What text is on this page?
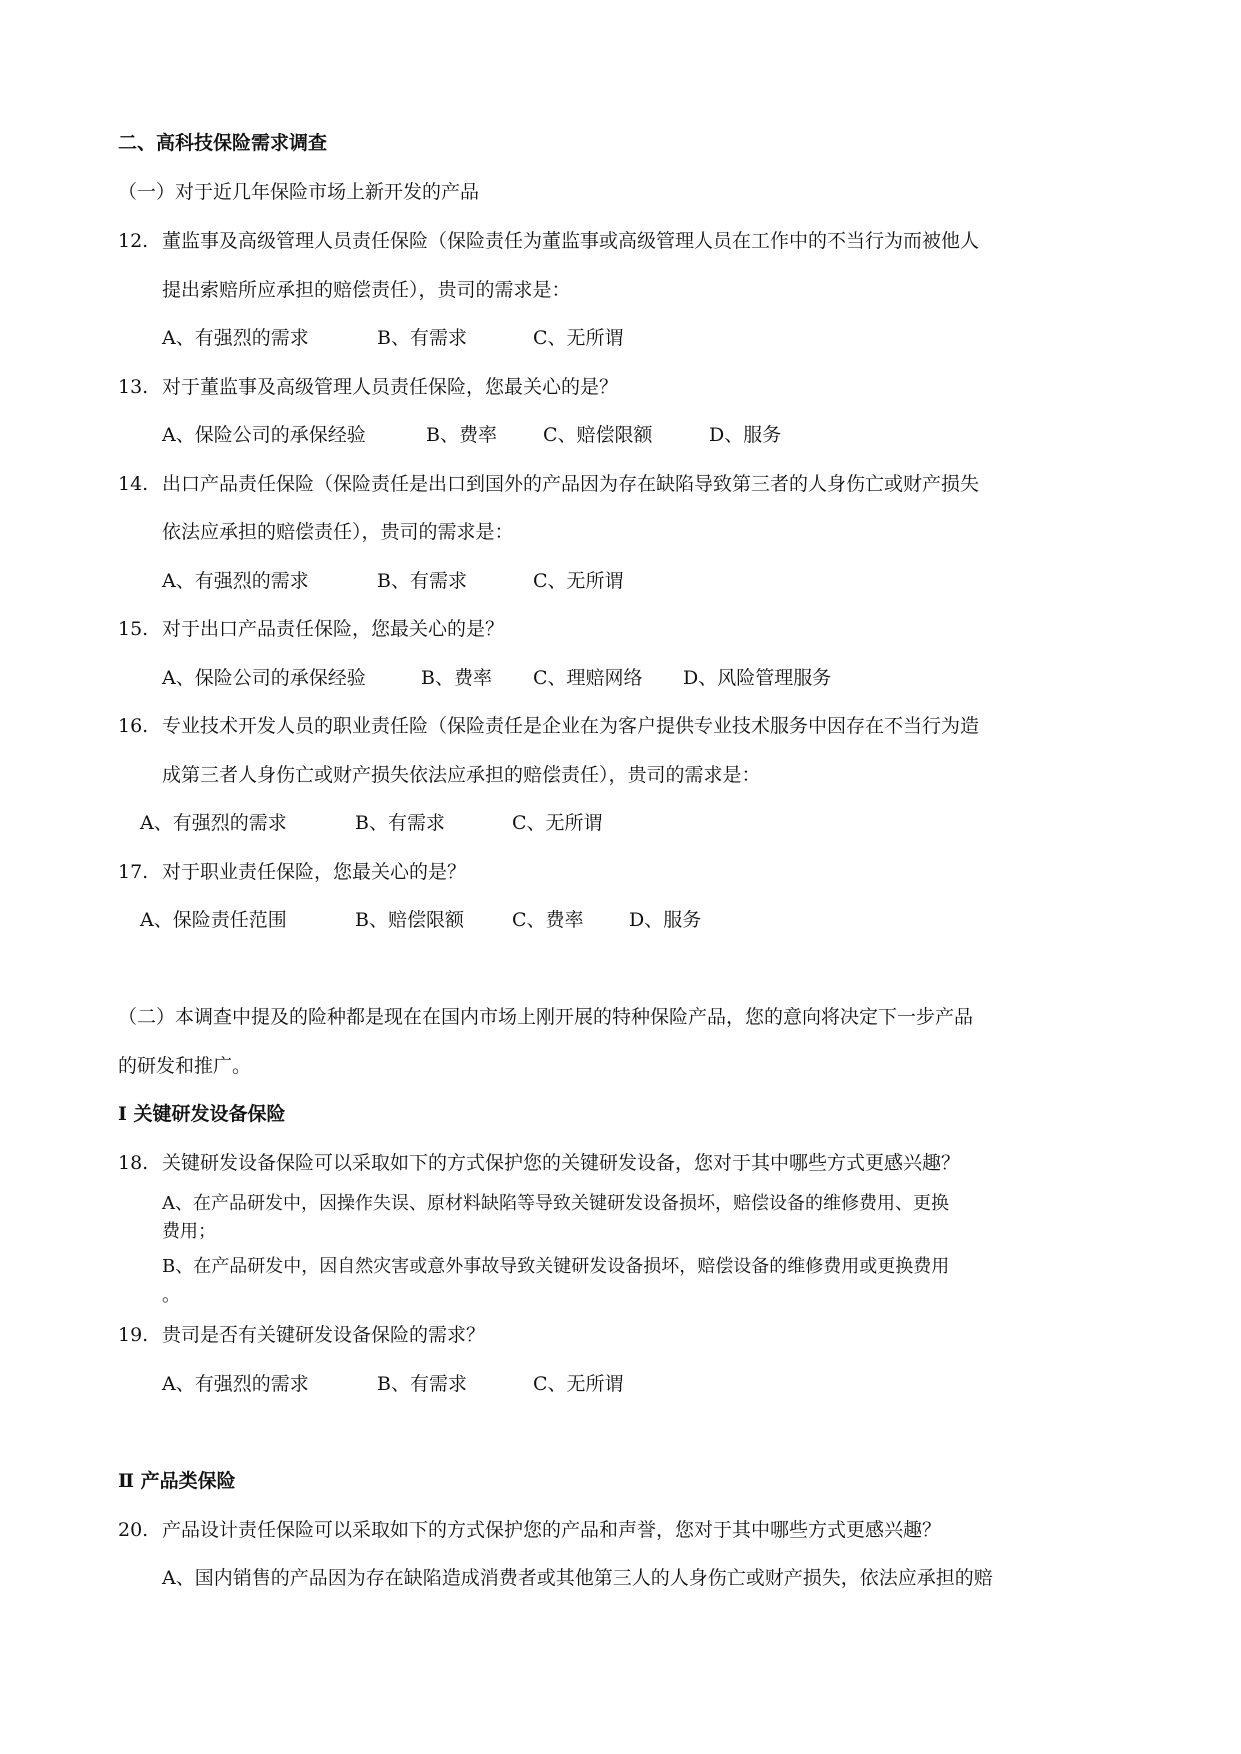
二、高科技保险需求调查
（一）对于近几年保险市场上新开发的产品
12. 董监事及高级管理人员责任保险（保险责任为董监事或高级管理人员在工作中的不当行为而被他人
提出索赔所应承担的赔偿责任），贵司的需求是：
A、有强烈的需求	B、有需求	C、无所谓
13. 对于董监事及高级管理人员责任保险，您最关心的是？
A、保险公司的承保经验	B、费率 C、赔偿限额	D、服务
14. 出口产品责任保险（保险责任是出口到国外的产品因为存在缺陷导致第三者的人身伤亡或财产损失
依法应承担的赔偿责任），贵司的需求是：
A、有强烈的需求	B、有需求	C、无所谓
15. 对于出口产品责任保险，您最关心的是？
A、保险公司的承保经验	B、费率 C、理赔网络 D、风险管理服务
16. 专业技术开发人员的职业责任险（保险责任是企业在为客户提供专业技术服务中因存在不当行为造
成第三者人身伤亡或财产损失依法应承担的赔偿责任），贵司的需求是：
A、有强烈的需求	B、有需求	C、无所谓
17. 对于职业责任保险，您最关心的是？
A、保险责任范围	B、赔偿限额	C、费率 D、服务
（二）本调查中提及的险种都是现在在国内市场上刚开展的特种保险产品，您的意向将决定下一步产品
的研发和推广。
Ⅰ 关键研发设备保险
18. 关键研发设备保险可以采取如下的方式保护您的关键研发设备，您对于其中哪些方式更感兴趣？
A、在产品研发中，因操作失误、原材料缺陷等导致关键研发设备损坏，赔偿设备的维修费用、更换
费用；
B、在产品研发中，因自然灾害或意外事故导致关键研发设备损坏，赔偿设备的维修费用或更换费用
。
19. 贵司是否有关键研发设备保险的需求？
A、有强烈的需求	B、有需求	C、无所谓
Ⅱ 产品类保险
20. 产品设计责任保险可以采取如下的方式保护您的产品和声誉，您对于其中哪些方式更感兴趣？
A、国内销售的产品因为存在缺陷造成消费者或其他第三人的人身伤亡或财产损失，依法应承担的赔
